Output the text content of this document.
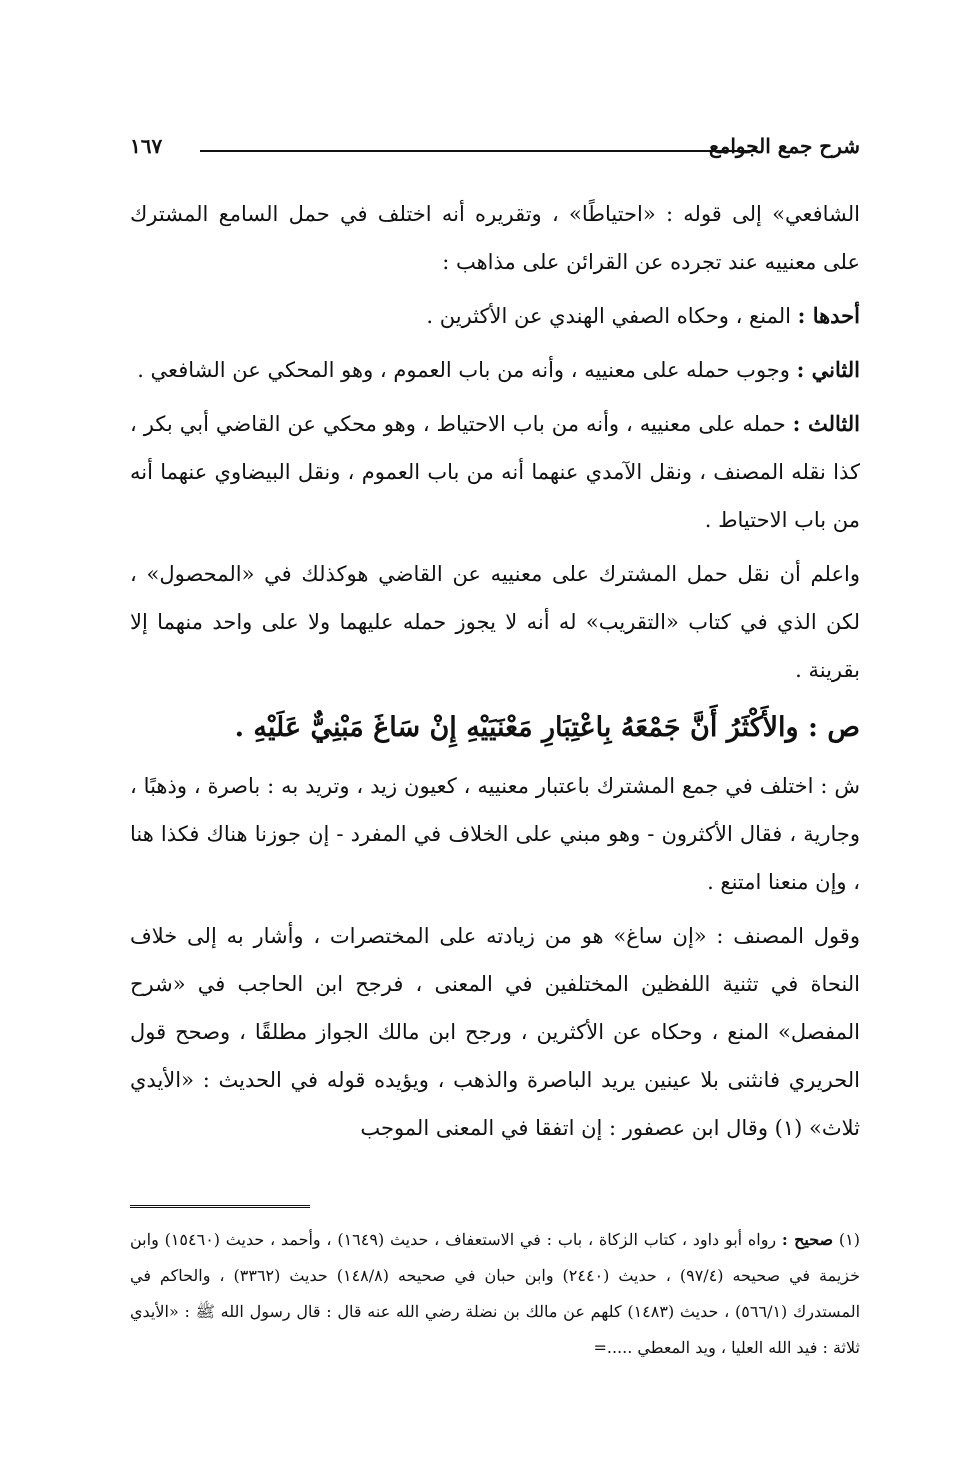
شرح جمع الجوامع
١٦٧

الشافعي» إلى قوله : «احتياطًا» ، وتقريره أنه اختلف في حمل السامع المشترك على معنييه عند تجرده عن القرائن على مذاهب :

أحدها : المنع ، وحكاه الصفي الهندي عن الأكثرين .

الثاني : وجوب حمله على معنييه ، وأنه من باب العموم ، وهو المحكي عن الشافعي .

الثالث : حمله على معنييه ، وأنه من باب الاحتياط ، وهو محكي عن القاضي أبي بكر ، كذا نقله المصنف ، ونقل الآمدي عنهما أنه من باب العموم ، ونقل البيضاوي عنهما أنه من باب الاحتياط .

واعلم أن نقل حمل المشترك على معنييه عن القاضي هوكذلك في «المحصول» ، لكن الذي في كتاب «التقريب» له أنه لا يجوز حمله عليهما ولا على واحد منهما إلا بقرينة .

ص : والأَكْثَرُ أَنَّ جَمْعَهُ بِاعْتِبَارِ مَعْنَيَيْهِ إِنْ سَاغَ مَبْنِيٌّ عَلَيْهِ .

ش : اختلف في جمع المشترك باعتبار معنييه ، كعيون زيد ، وتريد به : باصرة ، وذهبًا ، وجارية ، فقال الأكثرون - وهو مبني على الخلاف في المفرد - إن جوزنا هناك فكذا هنا ، وإن منعنا امتنع .

وقول المصنف : «إن ساغ» هو من زيادته على المختصرات ، وأشار به إلى خلاف النحاة في تثنية اللفظين المختلفين في المعنى ، فرجح ابن الحاجب في «شرح المفصل» المنع ، وحكاه عن الأكثرين ، ورجح ابن مالك الجواز مطلقًا ، وصحح قول الحريري فانثنى بلا عينين يريد الباصرة والذهب ، ويؤيده قوله في الحديث : «الأيدي ثلاث» (١) وقال ابن عصفور : إن اتفقا في المعنى الموجب

(١) صحيح : رواه أبو داود ، كتاب الزكاة ، باب : في الاستعفاف ، حديث (١٦٤٩) ، وأحمد ، حديث (١٥٤٦٠) وابن خزيمة في صحيحه (٩٧/٤) ، حديث (٢٤٤٠) وابن حبان في صحيحه (١٤٨/٨) حديث (٣٣٦٢) ، والحاكم في المستدرك (٥٦٦/١) ، حديث (١٤٨٣) كلهم عن مالك بن نضلة رضي الله عنه قال : قال رسول الله ﷺ : «الأيدي ثلاثة : فيد الله العليا ، ويد المعطي .....=
